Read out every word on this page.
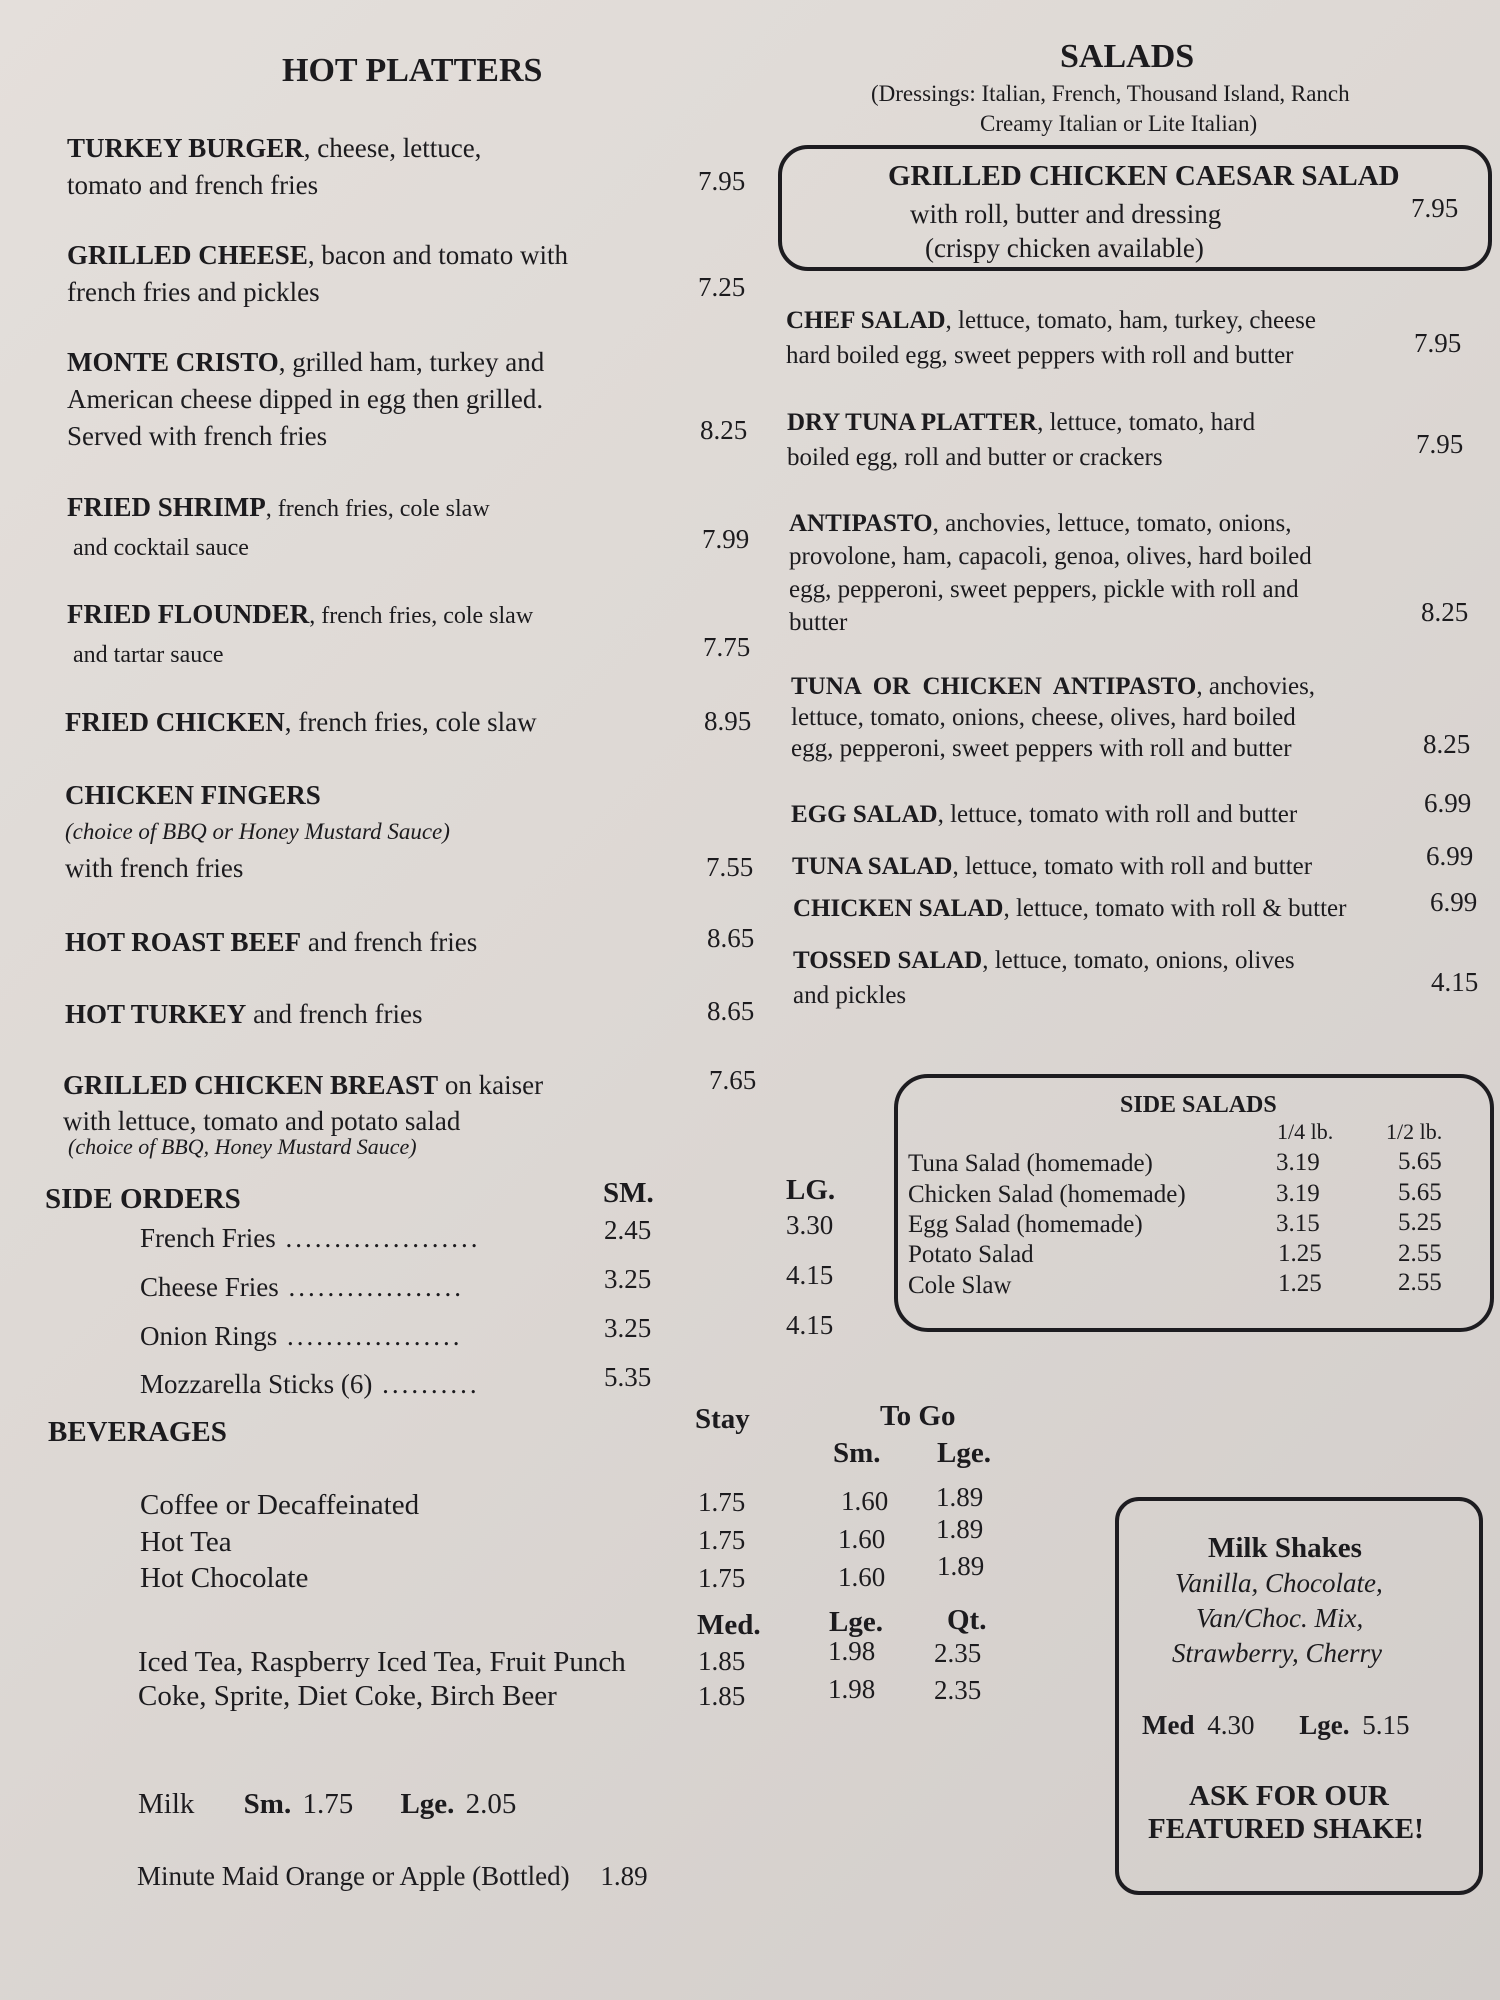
HOT PLATTERS
TURKEY BURGER, cheese, lettuce,
tomato and french fries	7.95
GRILLED CHEESE, bacon and tomato with
french fries and pickles	7.25
MONTE CRISTO, grilled ham, turkey and
American cheese dipped in egg then grilled.
Served with french fries	8.25
FRIED SHRIMP, french fries, cole slaw
and cocktail sauce	7.99
FRIED FLOUNDER, french fries, cole slaw
and tartar sauce	7.75
FRIED CHICKEN, french fries, cole slaw	8.95
CHICKEN FINGERS
(choice of BBQ or Honey Mustard Sauce)
with french fries	7.55
HOT ROAST BEEF and french fries	8.65
HOT TURKEY and french fries	8.65
GRILLED CHICKEN BREAST on kaiser	7.65
with lettuce, tomato and potato salad
(choice of BBQ, Honey Mustard Sauce)
SIDE ORDERS	SM.	LG.
French Fries ....................	2.45	3.30
Cheese Fries ..................	3.25	4.15
Onion Rings ..................	3.25	4.15
Mozzarella Sticks (6) ..........	5.35
BEVERAGES	Stay	To Go
Sm. Lge.
Coffee or Decaffeinated	1.75	1.60 1.89
Hot Tea	1.75	1.60 1.89
Hot Chocolate	1.75	1.60 1.89
Med. Lge. Qt.
Iced Tea, Raspberry Iced Tea, Fruit Punch	1.85	1.98 2.35
Coke, Sprite, Diet Coke, Birch Beer	1.85	1.98 2.35
Milk Sm. 1.75 Lge. 2.05
Minute Maid Orange or Apple (Bottled) 1.89
SALADS
(Dressings: Italian, French, Thousand Island, Ranch
Creamy Italian or Lite Italian)
GRILLED CHICKEN CAESAR SALAD
with roll, butter and dressing
(crispy chicken available)
7.95
CHEF SALAD, lettuce, tomato, ham, turkey, cheese
hard boiled egg, sweet peppers with roll and butter	7.95
DRY TUNA PLATTER, lettuce, tomato, hard
boiled egg, roll and butter or crackers	7.95
ANTIPASTO, anchovies, lettuce, tomato, onions,
provolone, ham, capacoli, genoa, olives, hard boiled
egg, pepperoni, sweet peppers, pickle with roll and
butter	8.25
TUNA OR CHICKEN ANTIPASTO, anchovies,
lettuce, tomato, onions, cheese, olives, hard boiled
egg, pepperoni, sweet peppers with roll and butter	8.25
EGG SALAD, lettuce, tomato with roll and butter	6.99
TUNA SALAD, lettuce, tomato with roll and butter	6.99
CHICKEN SALAD, lettuce, tomato with roll & butter	6.99
TOSSED SALAD, lettuce, tomato, onions, olives
and pickles	4.15
SIDE SALADS
1/4 lb. 1/2 lb.
Tuna Salad (homemade)	3.19	5.65
Chicken Salad (homemade)	3.19	5.65
Egg Salad (homemade)	3.15	5.25
Potato Salad	1.25	2.55
Cole Slaw	1.25	2.55
Milk Shakes
Vanilla, Chocolate,
Van/Choc. Mix,
Strawberry, Cherry
Med 4.30 Lge. 5.15
ASK FOR OUR
FEATURED SHAKE!
